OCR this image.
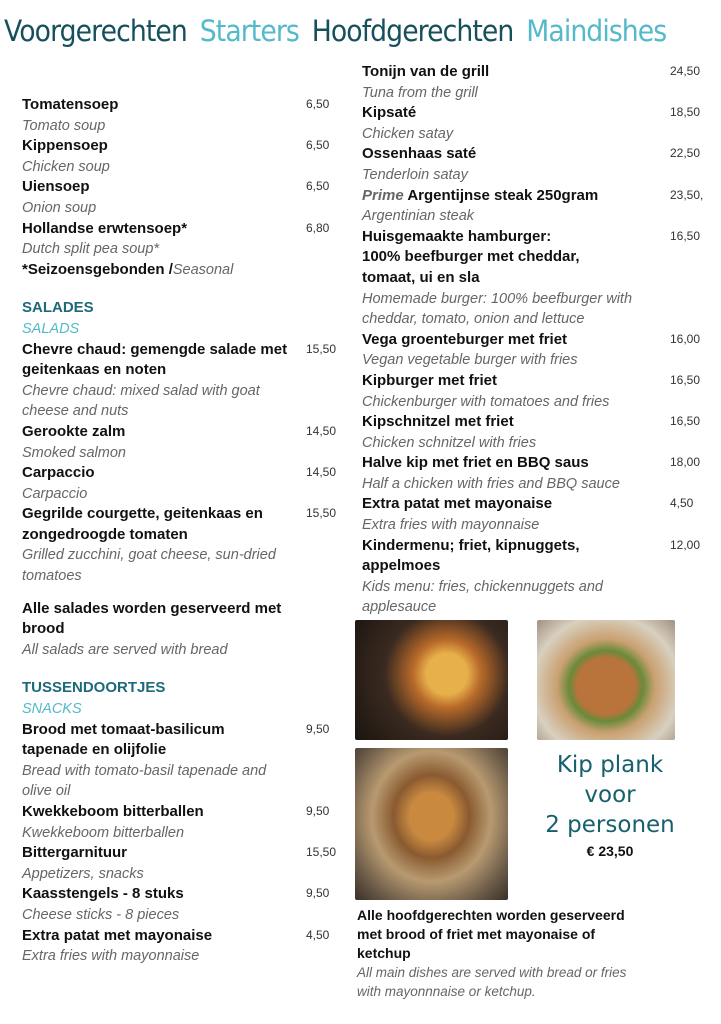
Voorgerechten Starters Hoofdgerechten Maindishes
Tomatensoep
Tomato soup
6,50
Kippensoep
Chicken soup
6,50
Uiensoep
Onion soup
6,50
Hollandse erwtensoep*
Dutch split pea soup*
6,80
*Seizoensgebonden /Seasonal
SALADES
SALADS
Chevre chaud: gemengde salade met
geitenkaas en noten
Chevre chaud: mixed salad with goat
cheese and nuts
15,50
Gerookte zalm
Smoked salmon
14,50
Carpaccio
Carpaccio
14,50
Gegrilde courgette, geitenkaas en
zongedroogde tomaten
Grilled zucchini, goat cheese, sun-dried
tomatoes
15,50
Alle salades worden geserveerd met
brood
All salads are served with bread
TUSSENDOORTJES
SNACKS
Brood met tomaat-basilicum
tapenade en olijfolie
Bread with tomato-basil tapenade and
olive oil
9,50
Kwekkeboom bitterballen
Kwekkeboom bitterballen
9,50
Bittergarnituur
Appetizers, snacks
15,50
Kaasstengels - 8 stuks
Cheese sticks - 8 pieces
9,50
Extra patat met mayonaise
Extra fries with mayonnaise
4,50
Tonijn van de grill
Tuna from the grill
24,50
Kipsaté
Chicken satay
18,50
Ossenhaas saté
Tenderloin satay
22,50
Prime Argentijnse steak 250gram
Argentinian steak
23,50,
Huisgemaakte hamburger:
100% beefburger met cheddar,
tomaat, ui en sla
Homemade burger: 100% beefburger with
cheddar, tomato, onion and lettuce
16,50
Vega groenteburger met friet
Vegan vegetable burger with fries
16,00
Kipburger met friet
Chickenburger with tomatoes and fries
16,50
Kipschnitzel met friet
Chicken schnitzel with fries
16,50
Halve kip met friet en BBQ saus
Half a chicken with fries and BBQ sauce
18,00
Extra patat met mayonaise
Extra fries with mayonnaise
4,50
Kindermenu; friet, kipnuggets,
appelmoes
Kids menu: fries, chickennuggets and
applesauce
12,00
Kip plank
voor
2 personen
€ 23,50
Alle hoofdgerechten worden geserveerd
met brood of friet met mayonaise of
ketchup
All main dishes are served with bread or fries
with mayonnnaise or ketchup.
